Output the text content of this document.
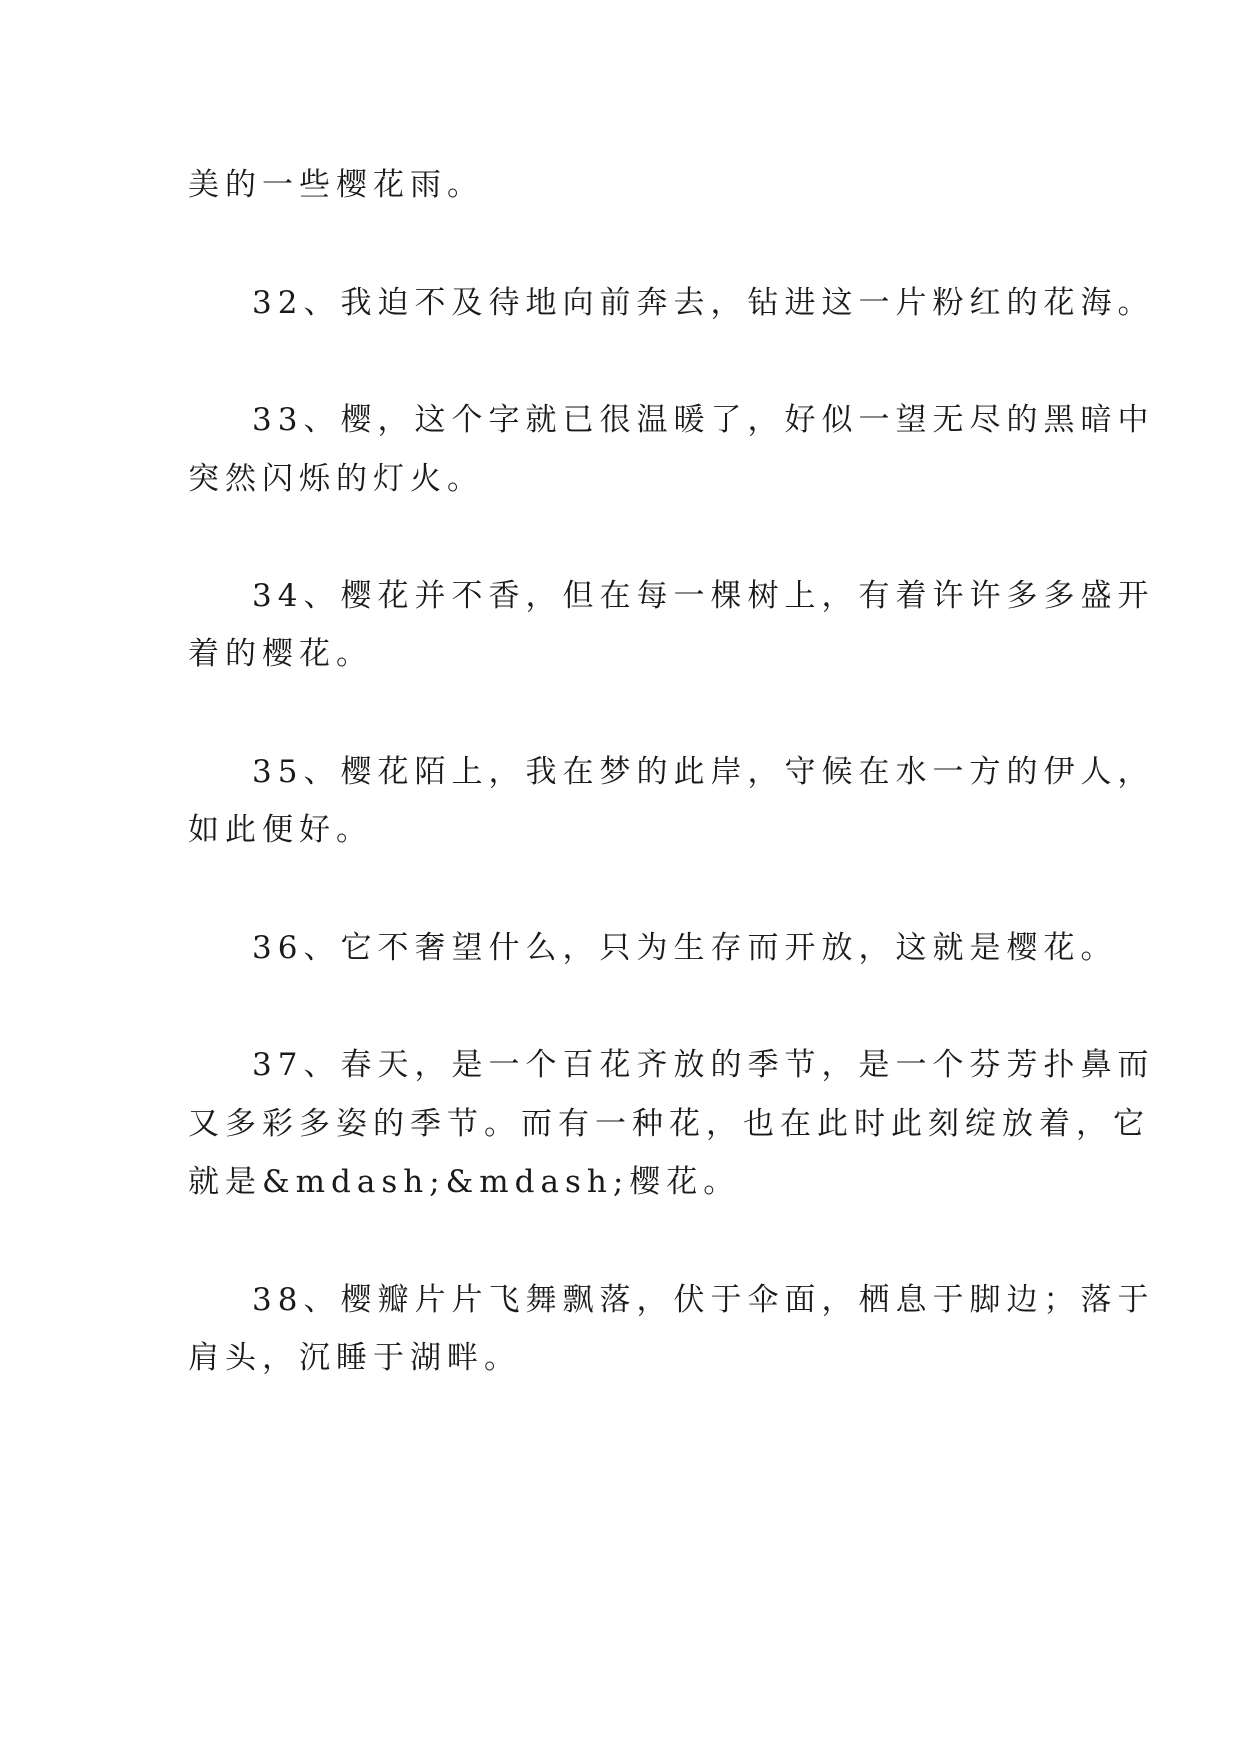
美的一些樱花雨。

32、我迫不及待地向前奔去，钻进这一片粉红的花海。

33、樱，这个字就已很温暖了，好似一望无尽的黑暗中

突然闪烁的灯火。

34、樱花并不香，但在每一棵树上，有着许许多多盛开

着的樱花。

35、樱花陌上，我在梦的此岸，守候在水一方的伊人，

如此便好。

36、它不奢望什么，只为生存而开放，这就是樱花。

37、春天，是一个百花齐放的季节，是一个芬芳扑鼻而

又多彩多姿的季节。而有一种花，也在此时此刻绽放着，它

就是&mdash;&mdash;樱花。

38、樱瓣片片飞舞飘落，伏于伞面，栖息于脚边；落于

肩头，沉睡于湖畔。
